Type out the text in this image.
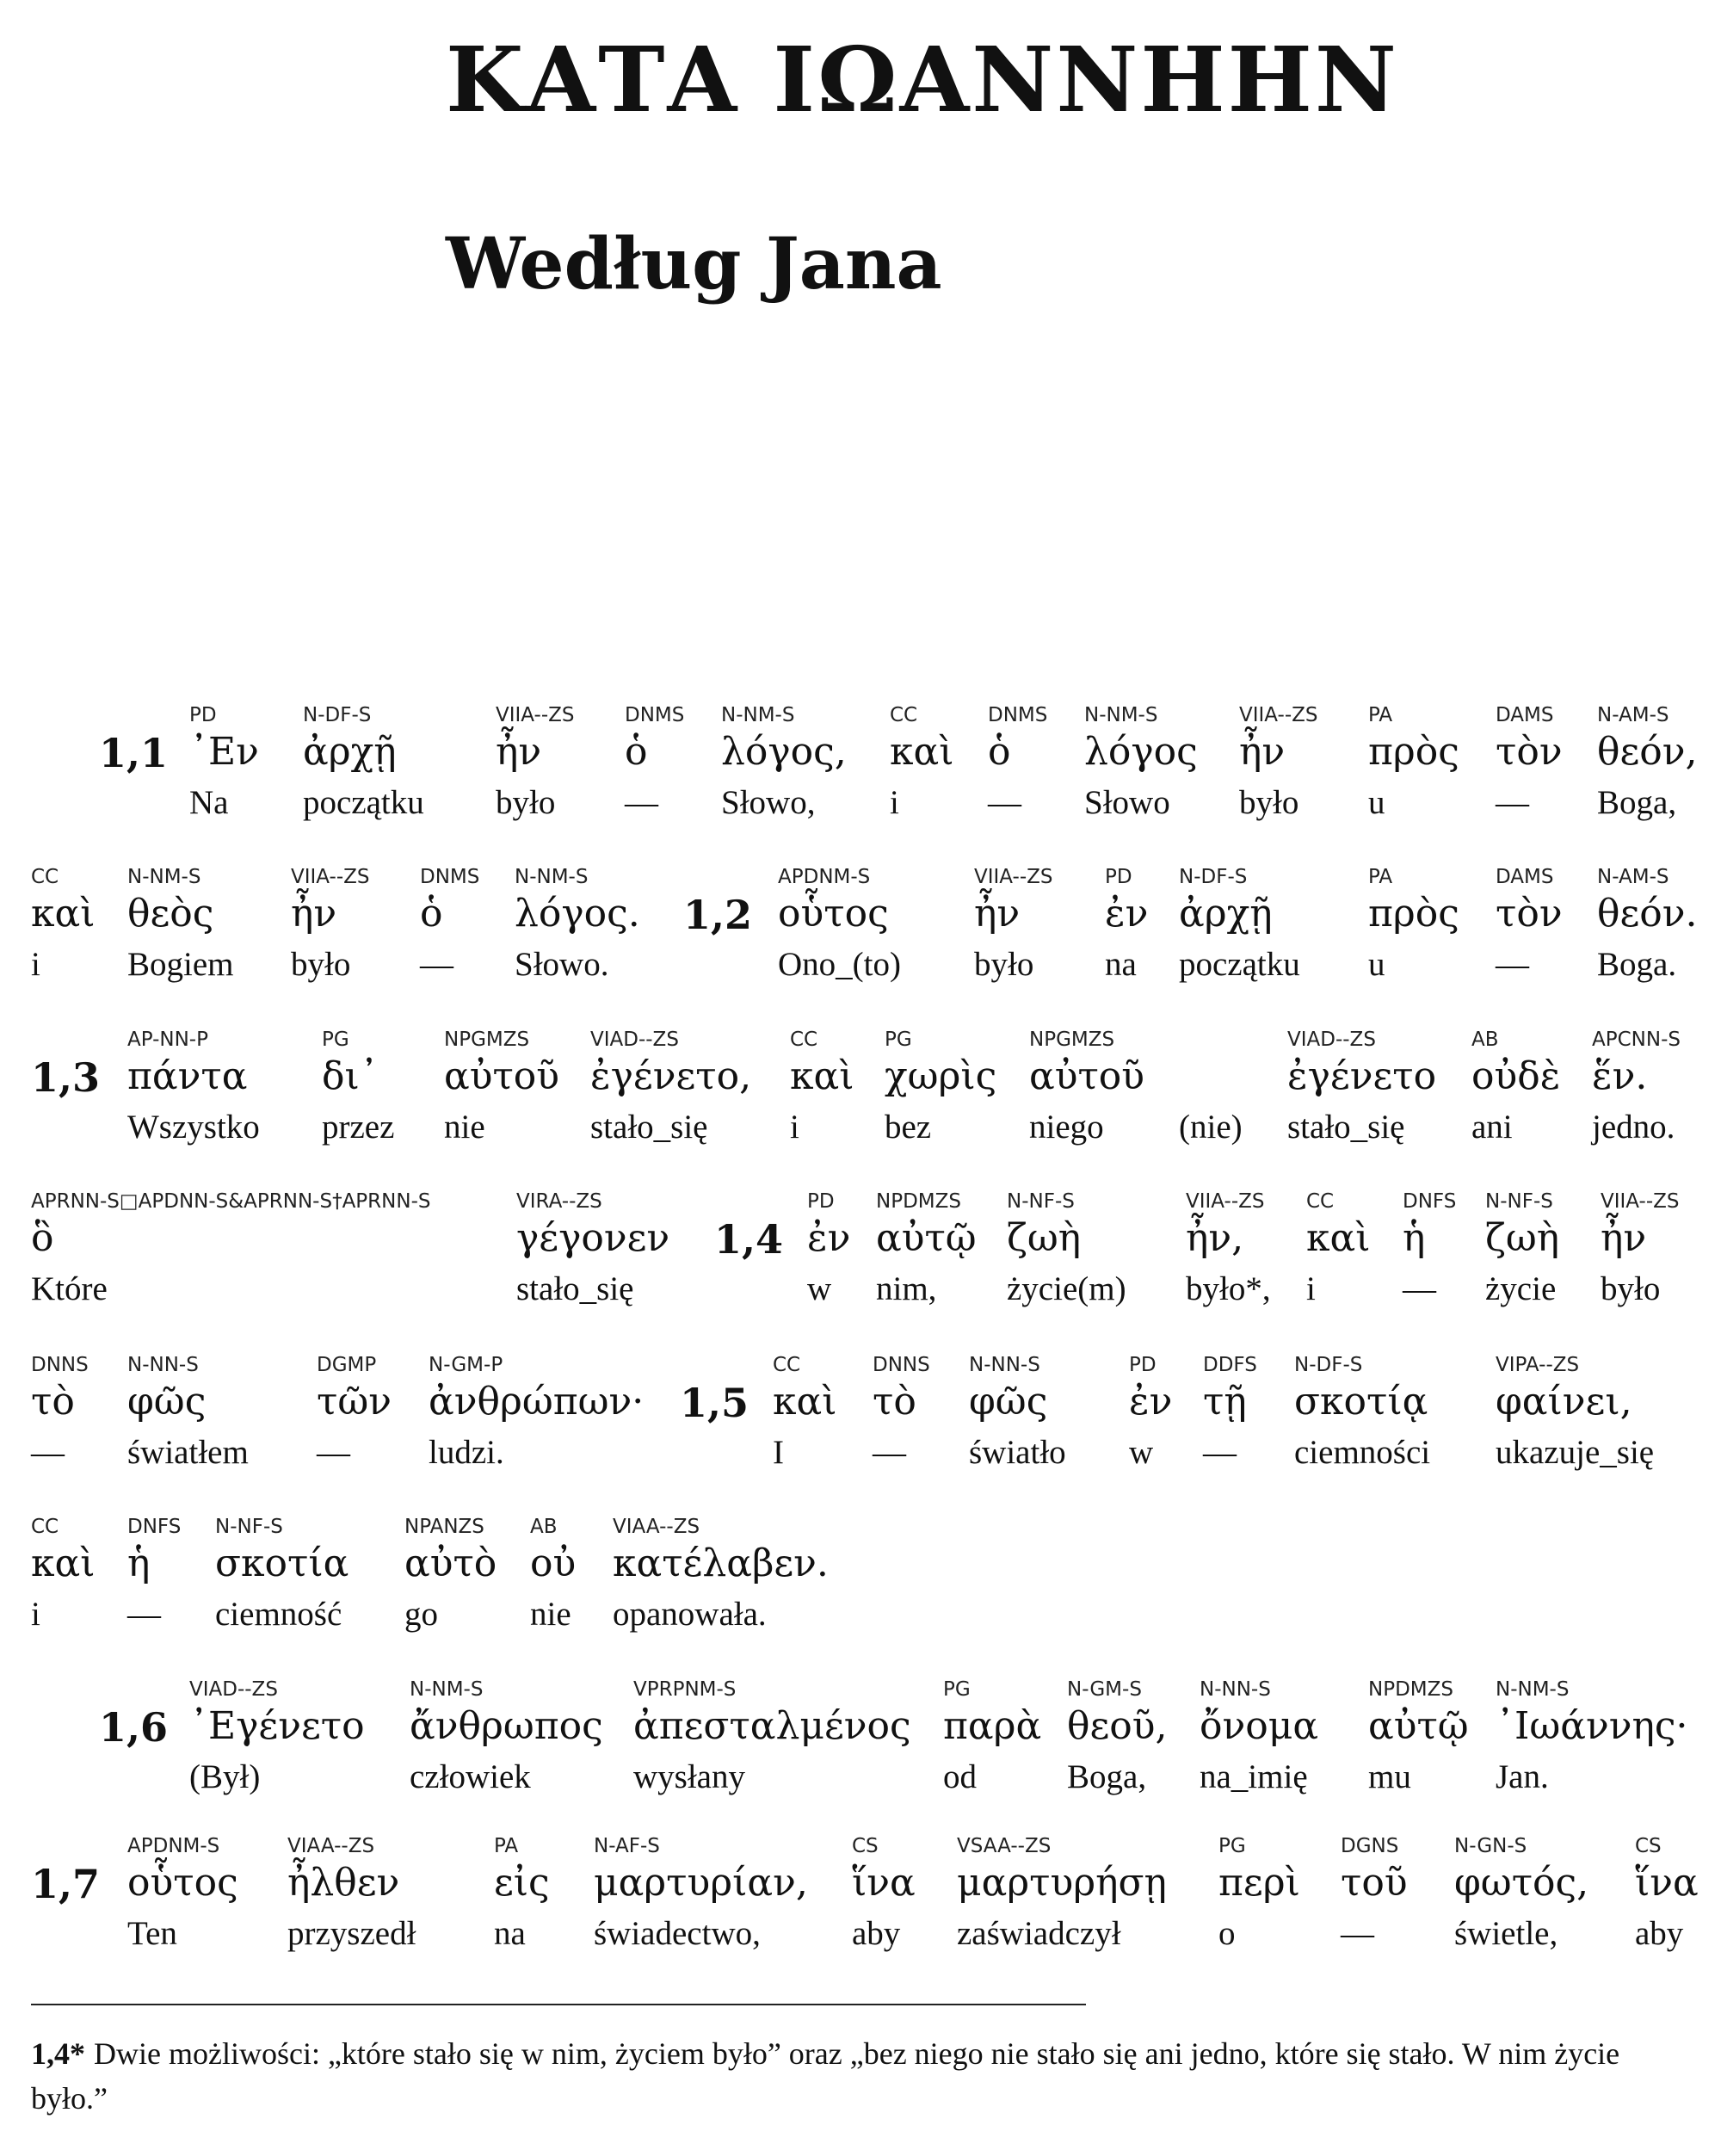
ΚΑΤΑ ΙΩΑΝΝΗΗΝ
Według Jana
1,1
PD
᾿Εν
Na
N-DF-S
ἀρχῇ
początku
VIIA--ZS
ἦν
było
DNMS
ὁ
—
N-NM-S
λόγος,
Słowo,
CC
καὶ
i
DNMS
ὁ
—
N-NM-S
λόγος
Słowo
VIIA--ZS
ἦν
było
PA
πρὸς
u
DAMS
τὸν
—
N-AM-S
θεόν,
Boga,
CC
καὶ
i
N-NM-S
θεὸς
Bogiem
VIIA--ZS
ἦν
było
DNMS
ὁ
—
N-NM-S
λόγος.
Słowo.
1,2
APDNM-S
οὗτος
Ono_(to)
VIIA--ZS
ἦν
było
PD
ἐν
na
N-DF-S
ἀρχῇ
początku
PA
πρὸς
u
DAMS
τὸν
—
N-AM-S
θεόν.
Boga.
1,3
AP-NN-P
πάντα
Wszystko
PG
δι᾿
przez
NPGMZS
αὐτοῦ
nie
VIAD--ZS
ἐγένετο,
stało_się
CC
καὶ
i
PG
χωρὶς
bez
NPGMZS
αὐτοῦ
niego (nie)
VIAD--ZS
ἐγένετο
stało_się
AB
οὐδὲ
ani
APCNN-S
ἕν.
jedno.
APRNN-S□APDNN-S&APRNN-S†APRNN-S
ὃ
Które
VIRA--ZS
γέγονεν
stało_się
1,4
PD
ἐν
w
NPDMZS
αὐτῷ
nim,
N-NF-S
ζωὴ
życie(m)
VIIA--ZS
ἦν,
było*,
CC
καὶ
i
DNFS
ἡ
—
N-NF-S
ζωὴ
życie
VIIA--ZS
ἦν
było
DNNS
τὸ
—
N-NN-S
φῶς
światłem
DGMP
τῶν
—
N-GM-P
ἀνθρώπων·
ludzi.
1,5
CC
καὶ
I
DNNS
τὸ
—
N-NN-S
φῶς
światło
PD
ἐν
w
DDFS
τῇ
—
N-DF-S
σκοτίᾳ
ciemności
VIPA--ZS
φαίνει,
ukazuje_się
CC
καὶ
i
DNFS
ἡ
—
N-NF-S
σκοτία
ciemność
NPANZS
αὐτὸ
go
AB
οὐ
nie
VIAA--ZS
κατέλαβεν.
opanowała.
1,6
VIAD--ZS
᾿Εγένετο
(Był)
N-NM-S
ἄνθρωπος
człowiek
VPRPNM-S
ἀπεσταλμένος
wysłany
PG
παρὰ
od
N-GM-S
θεοῦ,
Boga,
N-NN-S
ὄνομα
na_imię
NPDMZS
αὐτῷ
mu
N-NM-S
᾿Ιωάννης·
Jan.
1,7
APDNM-S
οὗτος
Ten
VIAA--ZS
ἦλθεν
przyszedł
PA
εἰς
na
N-AF-S
μαρτυρίαν,
świadectwo,
CS
ἵνα
aby
VSAA--ZS
μαρτυρήσῃ
zaświadczył
PG
περὶ
o
DGNS
τοῦ
—
N-GN-S
φωτός,
świetle,
CS
ἵνα
aby
1,4* Dwie możliwości: „które stało się w nim, życiem było” oraz „bez niego nie stało się ani jedno, które się stało. W nim życie było.”
